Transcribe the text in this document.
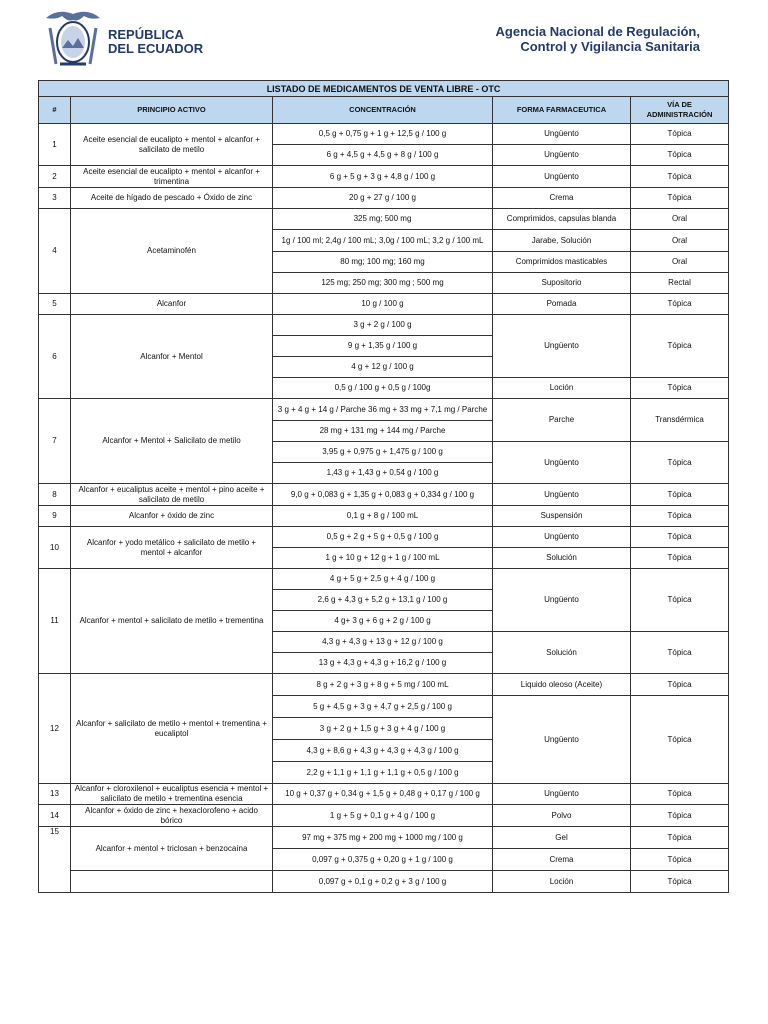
REPÚBLICA
DEL ECUADOR
Agencia Nacional de Regulación,
Control y Vigilancia Sanitaria
LISTADO DE MEDICAMENTOS DE VENTA LIBRE - OTC				
#	PRINCIPIO ACTIVO	CONCENTRACIÓN	FORMA FARMACEUTICA	VÍA DE ADMINISTRACIÓN
1	Aceite esencial de eucalipto + mentol + alcanfor + salicilato de metilo	0,5 g + 0,75 g + 1 g + 12,5 g / 100 g	Ungüento	Tópica
		6 g + 4,5 g + 4,5 g + 8 g / 100 g	Ungüento	Tópica
2	Aceite esencial de eucalipto + mentol + alcanfor + trimentina	6 g + 5 g + 3 g + 4,8 g / 100 g	Ungüento	Tópica
3	Aceite de hígado de pescado + Óxido de zinc	20 g + 27 g / 100 g	Crema	Tópica
4	Acetaminofén	325 mg; 500 mg	Comprimidos, capsulas blanda	Oral
		1g / 100 ml; 2,4g / 100 mL; 3,0g / 100 mL; 3,2 g / 100 mL	Jarabe, Solución	Oral
		80 mg; 100 mg; 160 mg	Comprimidos masticables	Oral
		125 mg; 250 mg; 300 mg ; 500 mg	Supositorio	Rectal
5	Alcanfor	10 g / 100 g	Pomada	Tópica
6	Alcanfor + Mentol	3 g + 2 g / 100 g	Ungüento	Tópica
		9 g + 1,35 g / 100 g		
		4 g + 12 g / 100 g		
		0,5 g / 100 g + 0,5 g / 100g	Loción	Tópica
7	Alcanfor + Mentol + Salicilato de metilo	3 g + 4 g + 14 g / Parche 36 mg + 33 mg + 7,1 mg / Parche	Parche	Transdérmica
		28 mg + 131 mg + 144 mg / Parche		
		3,95 g + 0,975 g + 1,475 g / 100 g	Ungüento	Tópica
		1,43 g + 1,43 g + 0,54 g / 100 g		
8	Alcanfor + eucaliptus aceite + mentol + pino aceite + salicilato de metilo	9,0 g + 0,083 g + 1,35 g + 0,083 g + 0,334 g / 100 g	Ungüento	Tópica
9	Alcanfor + óxido de zinc	0,1 g + 8 g / 100 mL	Suspensión	Tópica
10	Alcanfor + yodo metálico + salicilato de metilo + mentol + alcanfor	0,5 g + 2 g + 5 g + 0,5 g / 100 g	Ungüento	Tópica
		1 g + 10 g + 12 g + 1 g / 100 mL	Solución	Tópica
11	Alcanfor + mentol + salicilato de metilo + trementina	4 g + 5 g + 2,5 g + 4 g / 100 g	Ungüento	Tópica
		2,6 g + 4,3 g + 5,2 g + 13,1 g / 100 g		
		4 g+ 3 g + 6 g + 2 g / 100 g		
		4,3 g + 4,3 g + 13 g + 12 g / 100 g	Solución	Tópica
		13 g + 4,3 g + 4,3 g + 16,2 g / 100 g		
12	Alcanfor + salicilato de metilo + mentol + trementina + eucaliptol	8 g + 2 g + 3 g + 8 g + 5 mg / 100 mL	Liquido oleoso (Aceite)	Tópica
		5 g + 4,5 g + 3 g + 4,7 g + 2,5 g / 100 g	Ungüento	Tópica
		3 g + 2 g + 1,5 g + 3 g + 4 g / 100 g		
		4,3 g + 8,6 g + 4,3 g + 4,3 g + 4,3 g / 100 g		
		2,2 g + 1,1 g + 1,1 g + 1,1 g + 0,5 g / 100 g		
13	Alcanfor + cloroxilenol + eucaliptus esencia + mentol + salicilato de metilo + trementina esencia	10 g + 0,37 g + 0,34 g + 1,5 g + 0,48 g + 0,17 g / 100 g	Ungüento	Tópica
14	Alcanfor + óxido de zinc + hexaclorofeno + acido bórico	1 g + 5 g + 0,1 g + 4 g / 100 g	Polvo	Tópica
15	Alcanfor + mentol + triclosan + benzocaína	97 mg + 375 mg + 200 mg + 1000 mg / 100 g	Gel	Tópica
		0,097 g + 0,375 g + 0,20 g + 1 g / 100 g	Crema	Tópica
		0,097 g + 0,1 g + 0,2 g + 3 g / 100 g	Loción	Tópica
